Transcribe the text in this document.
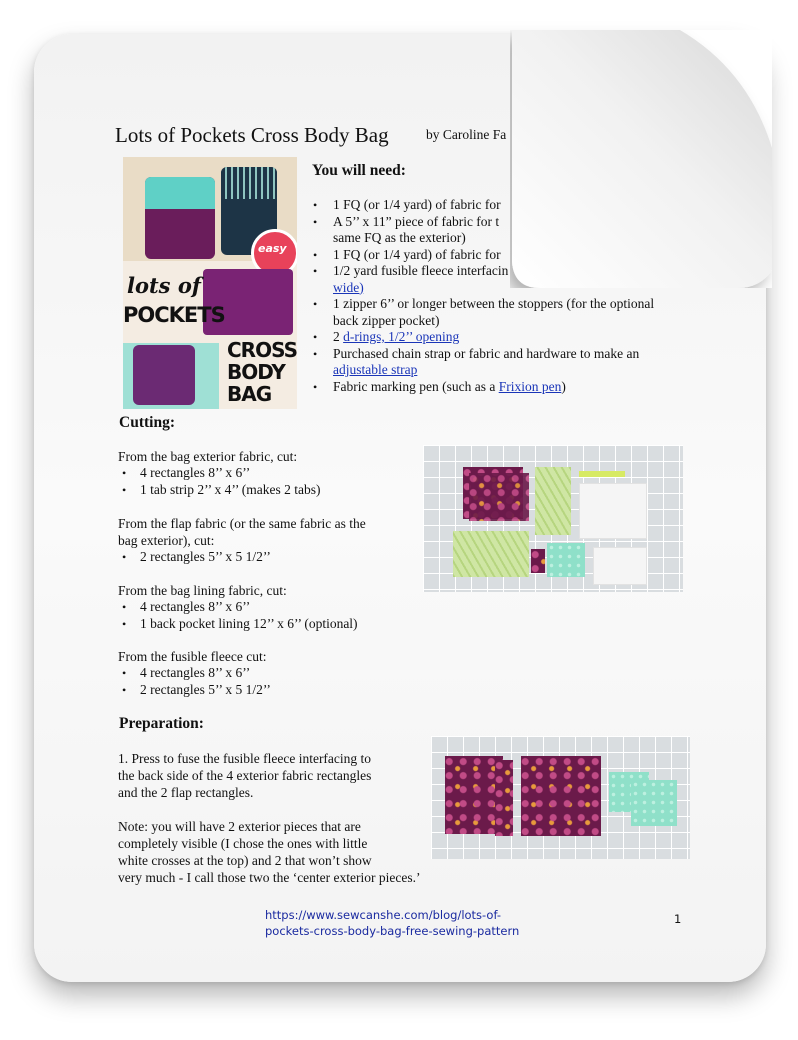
Lots of Pockets Cross Body Bag	by Caroline Fa
easy
lots of
POCKETS
CROSS
BODY
BAG
You will need:
• 1 FQ (or 1/4 yard) of fabric for
• A 5’’ x 11” piece of fabric for t
same FQ as the exterior)
• 1 FQ (or 1/4 yard) of fabric for
• 1/2 yard fusible fleece interfacin
wide)
• 1 zipper 6’’ or longer between the stoppers (for the optional
back zipper pocket)
• 2 d-rings, 1/2’’ opening
• Purchased chain strap or fabric and hardware to make an
adjustable strap
• Fabric marking pen (such as a Frixion pen)
Cutting:
From the bag exterior fabric, cut:
• 4 rectangles 8’’ x 6’’
• 1 tab strip 2’’ x 4’’ (makes 2 tabs)
From the flap fabric (or the same fabric as the
bag exterior), cut:
• 2 rectangles 5’’ x 5 1/2’’
From the bag lining fabric, cut:
• 4 rectangles 8’’ x 6’’
• 1 back pocket lining 12’’ x 6’’ (optional)
From the fusible fleece cut:
• 4 rectangles 8’’ x 6’’
• 2 rectangles 5’’ x 5 1/2’’
Preparation:
1. Press to fuse the fusible fleece interfacing to
the back side of the 4 exterior fabric rectangles
and the 2 flap rectangles.
Note: you will have 2 exterior pieces that are
completely visible (I chose the ones with little
white crosses at the top) and 2 that won’t show
very much - I call those two the ‘center exterior pieces.’
https://www.sewcanshe.com/blog/lots-of-
pockets-cross-body-bag-free-sewing-pattern
1
